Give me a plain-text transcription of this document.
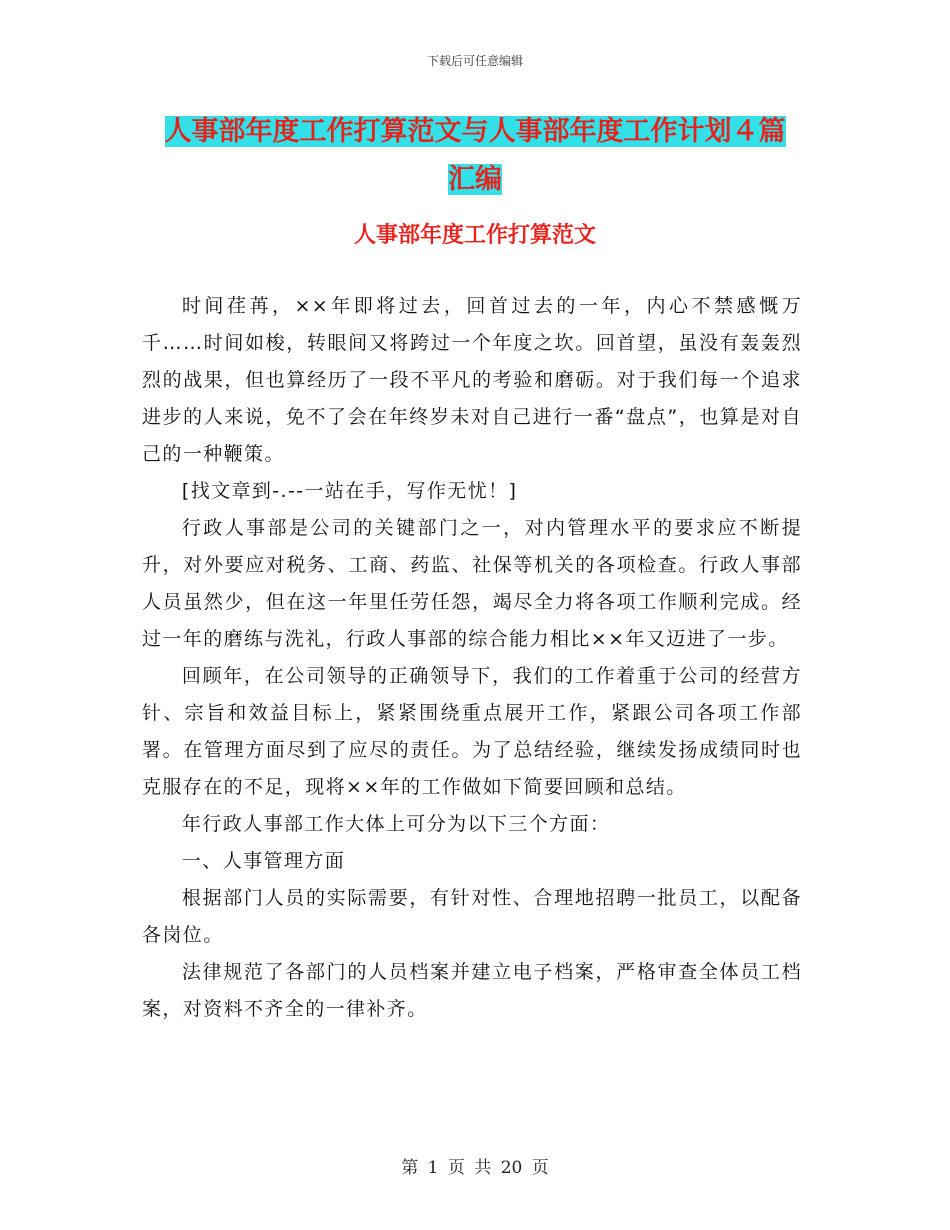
下载后可任意编辑
人事部年度工作打算范文与人事部年度工作计划４篇
汇编
人事部年度工作打算范文

时间荏苒，××年即将过去，回首过去的一年，内心不禁感慨万千……时间如梭，转眼间又将跨过一个年度之坎。回首望，虽没有轰轰烈烈的战果，但也算经历了一段不平凡的考验和磨砺。对于我们每一个追求进步的人来说，免不了会在年终岁未对自己进行一番“盘点”，也算是对自己的一种鞭策。

[找文章到-.--一站在手，写作无忧！]

行政人事部是公司的关键部门之一，对内管理水平的要求应不断提升，对外要应对税务、工商、药监、社保等机关的各项检查。行政人事部人员虽然少，但在这一年里任劳任怨，竭尽全力将各项工作顺利完成。经过一年的磨练与洗礼，行政人事部的综合能力相比××年又迈进了一步。

回顾年，在公司领导的正确领导下，我们的工作着重于公司的经营方针、宗旨和效益目标上，紧紧围绕重点展开工作，紧跟公司各项工作部署。在管理方面尽到了应尽的责任。为了总结经验，继续发扬成绩同时也克服存在的不足，现将××年的工作做如下简要回顾和总结。

年行政人事部工作大体上可分为以下三个方面：

一、人事管理方面

根据部门人员的实际需要，有针对性、合理地招聘一批员工，以配备各岗位。

法律规范了各部门的人员档案并建立电子档案，严格审查全体员工档案，对资料不齐全的一律补齐。

第 1 页 共 20 页
